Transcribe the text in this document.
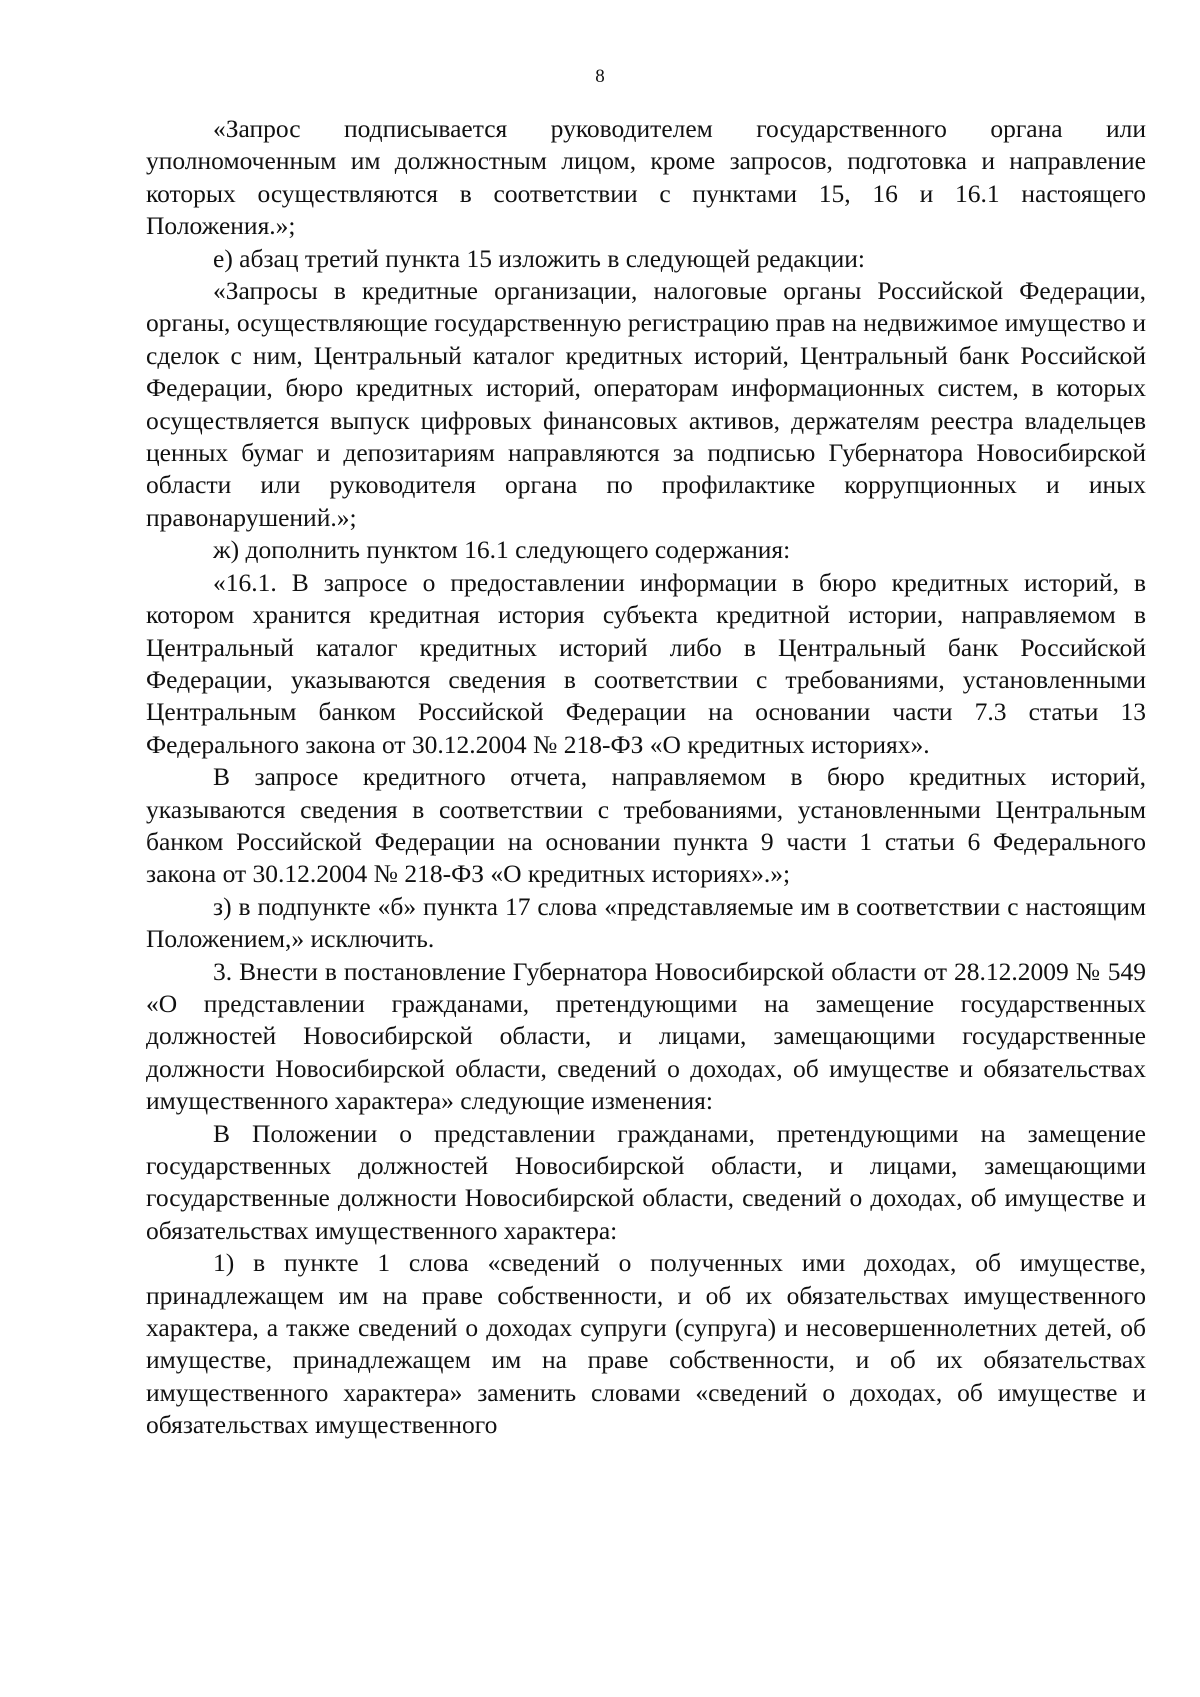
8

«Запрос подписывается руководителем государственного органа или уполномоченным им должностным лицом, кроме запросов, подготовка и направление которых осуществляются в соответствии с пунктами 15, 16 и 16.1 настоящего Положения.»;

е) абзац третий пункта 15 изложить в следующей редакции:

«Запросы в кредитные организации, налоговые органы Российской Федерации, органы, осуществляющие государственную регистрацию прав на недвижимое имущество и сделок с ним, Центральный каталог кредитных историй, Центральный банк Российской Федерации, бюро кредитных историй, операторам информационных систем, в которых осуществляется выпуск цифровых финансовых активов, держателям реестра владельцев ценных бумаг и депозитариям направляются за подписью Губернатора Новосибирской области или руководителя органа по профилактике коррупционных и иных правонарушений.»;

ж) дополнить пунктом 16.1 следующего содержания:

«16.1. В запросе о предоставлении информации в бюро кредитных историй, в котором хранится кредитная история субъекта кредитной истории, направляемом в Центральный каталог кредитных историй либо в Центральный банк Российской Федерации, указываются сведения в соответствии с требованиями, установленными Центральным банком Российской Федерации на основании части 7.3 статьи 13 Федерального закона от 30.12.2004 № 218-ФЗ «О кредитных историях».

В запросе кредитного отчета, направляемом в бюро кредитных историй, указываются сведения в соответствии с требованиями, установленными Центральным банком Российской Федерации на основании пункта 9 части 1 статьи 6 Федерального закона от 30.12.2004 № 218-ФЗ «О кредитных историях».»;

з) в подпункте «б» пункта 17 слова «представляемые им в соответствии с настоящим Положением,» исключить.

3. Внести в постановление Губернатора Новосибирской области от 28.12.2009 № 549 «О представлении гражданами, претендующими на замещение государственных должностей Новосибирской области, и лицами, замещающими государственные должности Новосибирской области, сведений о доходах, об имуществе и обязательствах имущественного характера» следующие изменения:

В Положении о представлении гражданами, претендующими на замещение государственных должностей Новосибирской области, и лицами, замещающими государственные должности Новосибирской области, сведений о доходах, об имуществе и обязательствах имущественного характера:

1) в пункте 1 слова «сведений о полученных ими доходах, об имуществе, принадлежащем им на праве собственности, и об их обязательствах имущественного характера, а также сведений о доходах супруги (супруга) и несовершеннолетних детей, об имуществе, принадлежащем им на праве собственности, и об их обязательствах имущественного характера» заменить словами «сведений о доходах, об имуществе и обязательствах имущественного
